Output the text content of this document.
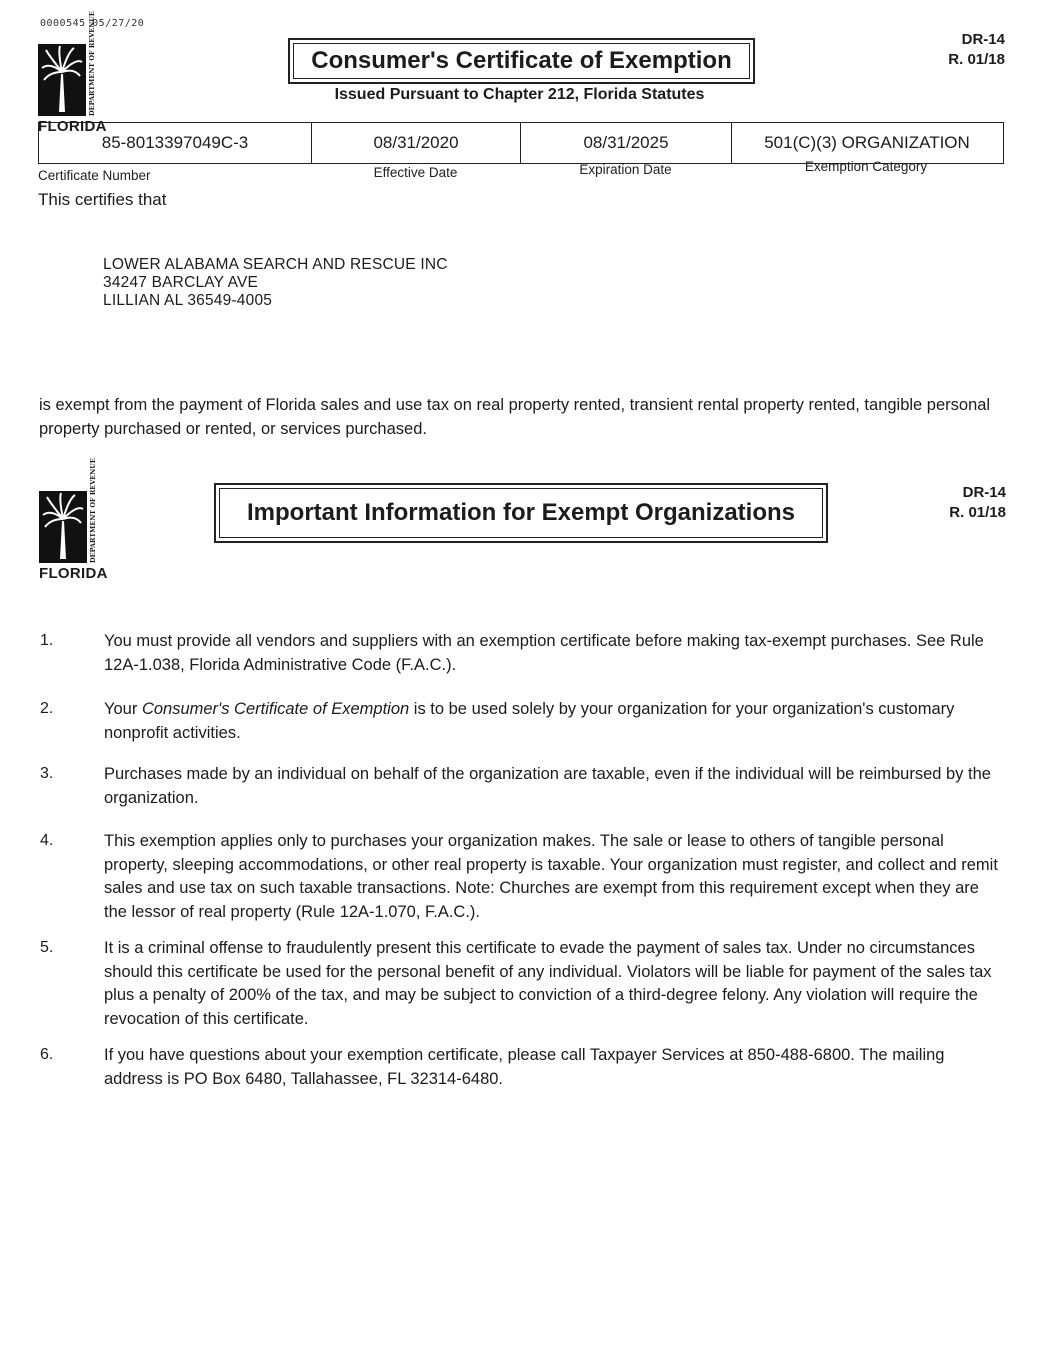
0000545 05/27/20
DEPARTMENT OF REVENUE
FLORIDA
Consumer's Certificate of Exemption
Issued Pursuant to Chapter 212, Florida Statutes
DR-14
R. 01/18
85-8013397049C-3	08/31/2020	08/31/2025	501(C)(3) ORGANIZATION
Certificate Number	Effective Date	Expiration Date	Exemption Category
This certifies that
LOWER ALABAMA SEARCH AND RESCUE INC
34247 BARCLAY AVE
LILLIAN AL 36549-4005
is exempt from the payment of Florida sales and use tax on real property rented, transient rental property rented, tangible personal property purchased or rented, or services purchased.
DEPARTMENT OF REVENUE
FLORIDA
Important Information for Exempt Organizations
DR-14
R. 01/18
1.	You must provide all vendors and suppliers with an exemption certificate before making tax-exempt purchases. See Rule 12A-1.038, Florida Administrative Code (F.A.C.).
2.	Your Consumer's Certificate of Exemption is to be used solely by your organization for your organization's customary nonprofit activities.
3.	Purchases made by an individual on behalf of the organization are taxable, even if the individual will be reimbursed by the organization.
4.	This exemption applies only to purchases your organization makes. The sale or lease to others of tangible personal property, sleeping accommodations, or other real property is taxable. Your organization must register, and collect and remit sales and use tax on such taxable transactions. Note: Churches are exempt from this requirement except when they are the lessor of real property (Rule 12A-1.070, F.A.C.).
5.	It is a criminal offense to fraudulently present this certificate to evade the payment of sales tax. Under no circumstances should this certificate be used for the personal benefit of any individual. Violators will be liable for payment of the sales tax plus a penalty of 200% of the tax, and may be subject to conviction of a third-degree felony. Any violation will require the revocation of this certificate.
6.	If you have questions about your exemption certificate, please call Taxpayer Services at 850-488-6800. The mailing address is PO Box 6480, Tallahassee, FL 32314-6480.
